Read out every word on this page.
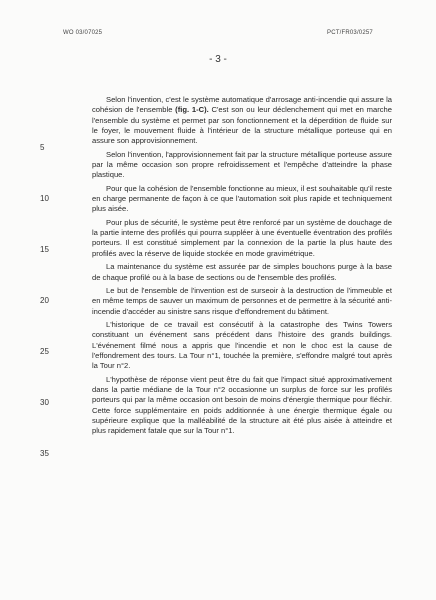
WO 03/07025	PCT/FR03/0257
- 3 -
5
10
15
20
25
30
35

Selon l'invention, c'est le système automatique d'arrosage anti-incendie qui assure la cohésion de l'ensemble (fig. 1-C). C'est son ou leur déclenchement qui met en marche l'ensemble du système et permet par son fonctionnement et la déperdition de fluide sur le foyer, le mouvement fluide à l'intérieur de la structure métallique porteuse qui en assure son approvisionnement.

Selon l'invention, l'approvisionnement fait par la structure métallique porteuse assure par la même occasion son propre refroidissement et l'empêche d'atteindre la phase plastique.

Pour que la cohésion de l'ensemble fonctionne au mieux, il est souhaitable qu'il reste en charge permanente de façon à ce que l'automation soit plus rapide et techniquement plus aisée.

Pour plus de sécurité, le système peut être renforcé par un système de douchage de la partie interne des profilés qui pourra suppléer à une éventuelle éventration des profilés porteurs. Il est constitué simplement par la connexion de la partie la plus haute des profilés avec la réserve de liquide stockée en mode gravimétrique.

La maintenance du système est assurée par de simples bouchons purge à la base de chaque profilé ou à la base de sections ou de l'ensemble des profilés.

Le but de l'ensemble de l'invention est de surseoir à la destruction de l'immeuble et en même temps de sauver un maximum de personnes et de permettre à la sécurité anti-incendie d'accéder au sinistre sans risque d'effondrement du bâtiment.

L'historique de ce travail est consécutif à la catastrophe des Twins Towers constituant un événement sans précédent dans l'histoire des grands buildings. L'événement filmé nous a appris que l'incendie et non le choc est la cause de l'effondrement des tours. La Tour n°1, touchée la première, s'effondre malgré tout après la Tour n°2.

L'hypothèse de réponse vient peut être du fait que l'impact situé approximativement dans la partie médiane de la Tour n°2 occasionne un surplus de force sur les profilés porteurs qui par la même occasion ont besoin de moins d'énergie thermique pour fléchir. Cette force supplémentaire en poids additionnée à une énergie thermique égale ou supérieure explique que la malléabilité de la structure ait été plus aisée à atteindre et plus rapidement fatale que sur la Tour n°1.
